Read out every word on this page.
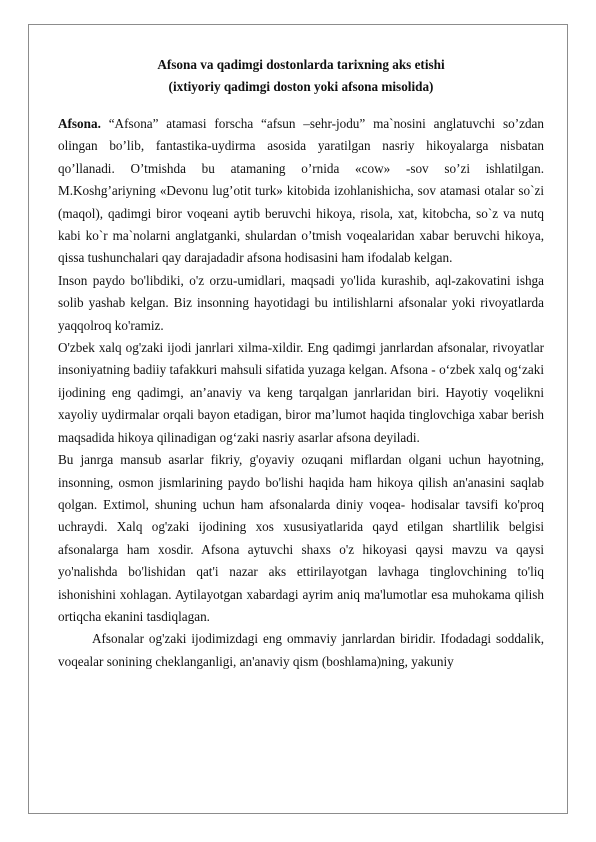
Afsona va qadimgi dostonlarda tarixning aks etishi

(ixtiyoriy qadimgi doston yoki afsona misolida)

Afsona. “Afsona” atamasi forscha “afsun –sehr-jodu” ma`nosini anglatuvchi so’zdan olingan bo’lib, fantastika-uydirma asosida yaratilgan nasriy hikoyalarga nisbatan qo’llanadi. O’tmishda bu atamaning o’rnida «cow» -sov so’zi ishlatilgan. M.Koshg’ariyning «Devonu lug’otit turk» kitobida izohlanishicha, sov atamasi otalar so`zi (maqol), qadimgi biror voqeani aytib beruvchi hikoya, risola, xat, kitobcha, so`z va nutq kabi ko`r ma`nolarni anglatganki, shulardan o’tmish voqealaridan xabar beruvchi hikoya, qissa tushunchalari qay darajadadir afsona hodisasini ham ifodalab kelgan.

Inson paydo bo'libdiki, o'z orzu-umidlari, maqsadi yo'lida kurashib, aql-zakovatini ishga solib yashab kelgan. Biz insonning hayotidagi bu intilishlarni afsonalar yoki rivoyatlarda yaqqolroq ko'ramiz.

O'zbek xalq og'zaki ijodi janrlari xilma-xildir. Eng qadimgi janrlardan afsonalar, rivoyatlar insoniyatning badiiy tafakkuri mahsuli sifatida yuzaga kelgan. Afsona - o‘zbek xalq og‘zaki ijodining eng qadimgi, an’anaviy va keng tarqalgan janrlaridan biri. Hayotiy voqelikni xayoliy uydirmalar orqali bayon etadigan, biror ma’lumot haqida tinglovchiga xabar berish maqsadida hikoya qilinadigan og‘zaki nasriy asarlar afsona deyiladi.

Bu janrga mansub asarlar fikriy, g'oyaviy ozuqani miflardan olgani uchun hayotning, insonning, osmon jismlarining paydo bo'lishi haqida ham hikoya qilish an'anasini saqlab qolgan. Extimol, shuning uchun ham afsonalarda diniy voqea- hodisalar tavsifi ko'proq uchraydi. Xalq og'zaki ijodining xos xususiyatlarida qayd etilgan shartlilik belgisi afsonalarga ham xosdir. Afsona aytuvchi shaxs o'z hikoyasi qaysi mavzu va qaysi yo'nalishda bo'lishidan qat'i nazar aks ettirilayotgan lavhaga tinglovchining to'liq ishonishini xohlagan. Aytilayotgan xabardagi ayrim aniq ma'lumotlar esa muhokama qilish ortiqcha ekanini tasdiqlagan.

Afsonalar og'zaki ijodimizdagi eng ommaviy janrlardan biridir. Ifodadagi soddalik, voqealar sonining cheklanganligi, an'anaviy qism (boshlama)ning, yakuniy
